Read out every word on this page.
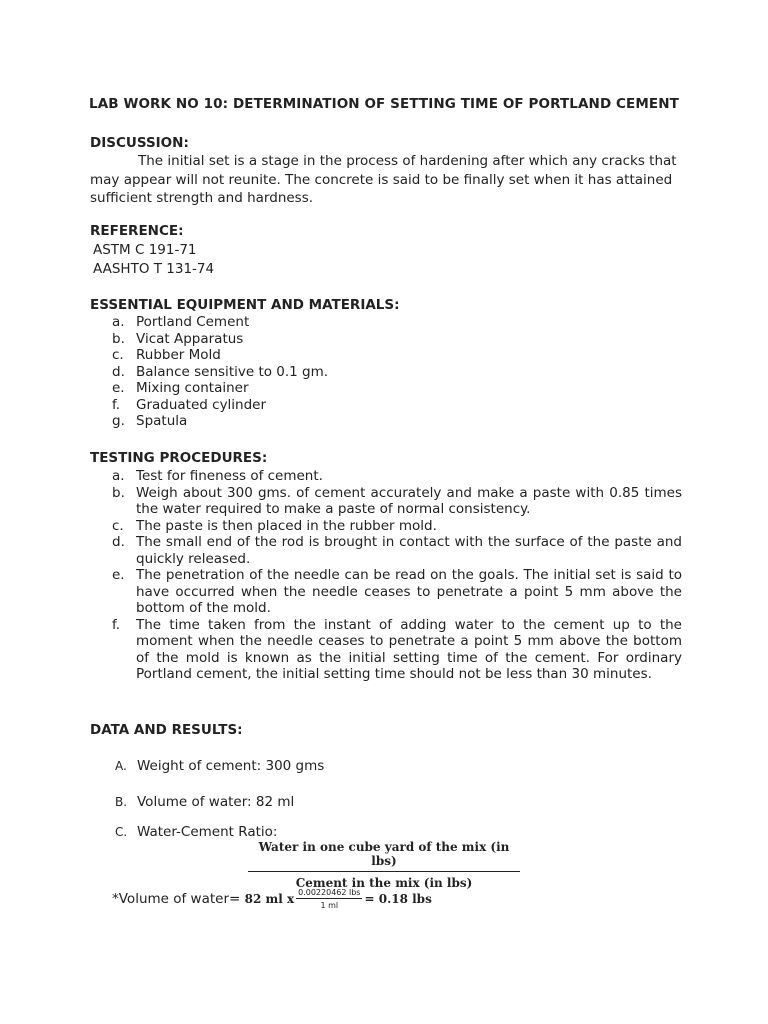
LAB WORK NO 10: DETERMINATION OF SETTING TIME OF PORTLAND CEMENT
DISCUSSION:
The initial set is a stage in the process of hardening after which any cracks that may appear will not reunite. The concrete is said to be finally set when it has attained sufficient strength and hardness.
REFERENCE:
ASTM C 191-71
AASHTO T 131-74
ESSENTIAL EQUIPMENT AND MATERIALS:
a. Portland Cement
b. Vicat Apparatus
c. Rubber Mold
d. Balance sensitive to 0.1 gm.
e. Mixing container
f. Graduated cylinder
g. Spatula
TESTING PROCEDURES:
a. Test for fineness of cement.
b. Weigh about 300 gms. of cement accurately and make a paste with 0.85 times the water required to make a paste of normal consistency.
c. The paste is then placed in the rubber mold.
d. The small end of the rod is brought in contact with the surface of the paste and quickly released.
e. The penetration of the needle can be read on the goals. The initial set is said to have occurred when the needle ceases to penetrate a point 5 mm above the bottom of the mold.
f. The time taken from the instant of adding water to the cement up to the moment when the needle ceases to penetrate a point 5 mm above the bottom of the mold is known as the initial setting time of the cement. For ordinary Portland cement, the initial setting time should not be less than 30 minutes.
DATA AND RESULTS:
A. Weight of cement: 300 gms
B. Volume of water: 82 ml
C. Water-Cement Ratio:
Water in one cube yard of the mix (in lbs)
Cement in the mix (in lbs)
*Volume of water= 82 ml x 0.00220462 lbs
1 ml	= 0.18 lbs
